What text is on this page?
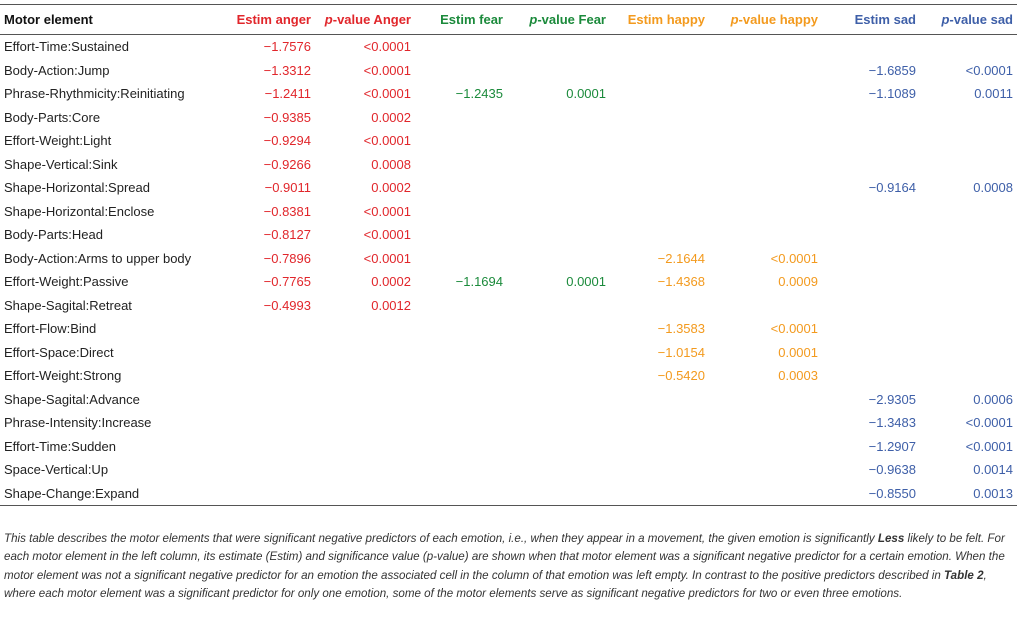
Motor element	Estim anger	p-value Anger	Estim fear	p-value Fear	Estim happy	p-value happy	Estim sad	p-value sad
Effort-Time:Sustained	−1.7576	<0.0001						
Body-Action:Jump	−1.3312	<0.0001					−1.6859	<0.0001
Phrase-Rhythmicity:Reinitiating	−1.2411	<0.0001	−1.2435	0.0001			−1.1089	0.0011
Body-Parts:Core	−0.9385	0.0002						
Effort-Weight:Light	−0.9294	<0.0001						
Shape-Vertical:Sink	−0.9266	0.0008						
Shape-Horizontal:Spread	−0.9011	0.0002					−0.9164	0.0008
Shape-Horizontal:Enclose	−0.8381	<0.0001						
Body-Parts:Head	−0.8127	<0.0001						
Body-Action:Arms to upper body	−0.7896	<0.0001			−2.1644	<0.0001		
Effort-Weight:Passive	−0.7765	0.0002	−1.1694	0.0001	−1.4368	0.0009		
Shape-Sagital:Retreat	−0.4993	0.0012						
Effort-Flow:Bind					−1.3583	<0.0001		
Effort-Space:Direct					−1.0154	0.0001		
Effort-Weight:Strong					−0.5420	0.0003		
Shape-Sagital:Advance							−2.9305	0.0006
Phrase-Intensity:Increase							−1.3483	<0.0001
Effort-Time:Sudden							−1.2907	<0.0001
Space-Vertical:Up							−0.9638	0.0014
Shape-Change:Expand							−0.8550	0.0013
This table describes the motor elements that were significant negative predictors of each emotion, i.e., when they appear in a movement, the given emotion is significantly Less likely to be felt. For each motor element in the left column, its estimate (Estim) and significance value (p-value) are shown when that motor element was a significant negative predictor for a certain emotion. When the motor element was not a significant negative predictor for an emotion the associated cell in the column of that emotion was left empty. In contrast to the positive predictors described in Table 2, where each motor element was a significant predictor for only one emotion, some of the motor elements serve as significant negative predictors for two or even three emotions.
